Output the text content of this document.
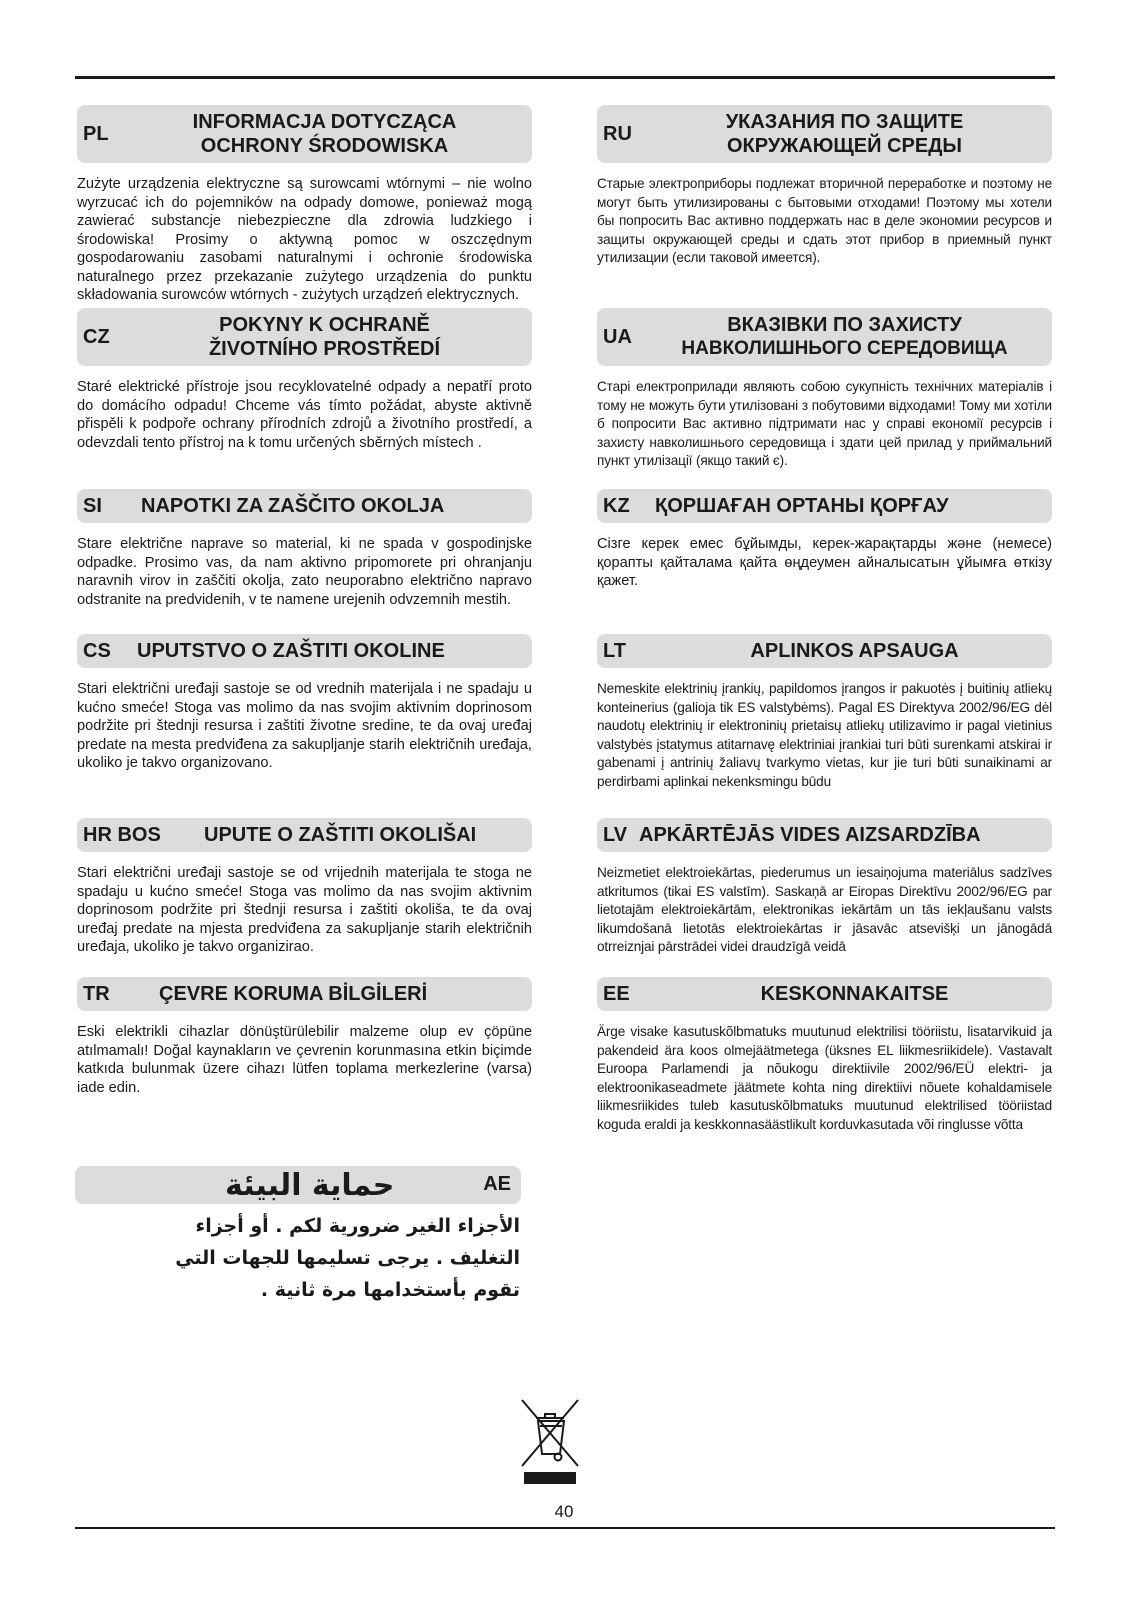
PL
INFORMACJA DOTYCZĄCA
OCHRONY ŚRODOWISKA
Zużyte urządzenia elektryczne są surowcami wtórnymi – nie wolno wyrzucać ich do pojemników na odpady domowe, ponieważ mogą zawierać substancje niebezpieczne dla zdrowia ludzkiego i środowiska! Prosimy o aktywną pomoc w oszczędnym gospodarowaniu zasobami naturalnymi i ochronie środowiska naturalnego przez przekazanie zużytego urządzenia do punktu składowania surowców wtórnych - zużytych urządzeń elektrycznych.
CZ
POKYNY K OCHRANĚ
ŽIVOTNÍHO PROSTŘEDÍ
Staré elektrické přístroje jsou recyklovatelné odpady a nepatří proto do domácího odpadu! Chceme vás tímto požádat, abyste aktivně přispěli k podpoře ochrany přírodních zdrojů a životního prostředí, a odevzdali tento přístroj na k tomu určených sběrných místech .
SI	NAPOTKI ZA ZAŠČITO OKOLJA
Stare električne naprave so material, ki ne spada v gospodinjske odpadke. Prosimo vas, da nam aktivno pripomorete pri ohranjanju naravnih virov in zaščiti okolja, zato neuporabno električno napravo odstranite na predvidenih, v te namene urejenih odvzemnih mestih.
CS	UPUTSTVO O ZAŠTITI OKOLINE
Stari električni uređaji sastoje se od vrednih materijala i ne spadaju u kućno smeće! Stoga vas molimo da nas svojim aktivnim doprinosom podržite pri štednji resursa i zaštiti životne sredine, te da ovaj uređaj predate na mesta predviđena za sakupljanje starih električnih uređaja, ukoliko je takvo organizovano.
HR BOS	UPUTE O ZAŠTITI OKOLIŠAI
Stari električni uređaji sastoje se od vrijednih materijala te stoga ne spadaju u kućno smeće! Stoga vas molimo da nas svojim aktivnim doprinosom podržite pri štednji resursa i zaštiti okoliša, te da ovaj uređaj predate na mjesta predviđena za sakupljanje starih električnih uređaja, ukoliko je takvo organizirao.
TR	ÇEVRE KORUMA BİLGİLERİ
Eski elektrikli cihazlar dönüştürülebilir malzeme olup ev çöpüne atılmamalı! Doğal kaynakların ve çevrenin korunmasına etkin biçimde katkıda bulunmak üzere cihazı lütfen toplama merkezlerine (varsa) iade edin.
RU
УКАЗАНИЯ ПО ЗАЩИТЕ
ОКРУЖАЮЩЕЙ СРЕДЫ
Старые электроприборы подлежат вторичной переработке и поэтому не могут быть утилизированы с бытовыми отходами! Поэтому мы хотели бы попросить Вас активно поддержать нас в деле экономии ресурсов и защиты окружающей среды и сдать этот прибор в приемный пункт утилизации (если таковой имеется).
UA
ВКАЗІВКИ ПО ЗАХИСТУ
НАВКОЛИШНЬОГО СЕРЕДОВИЩА
Старі електроприлади являють собою сукупність технічних матеріалів і тому не можуть бути утилізовані з побутовими відходами! Тому ми хотіли б попросити Вас активно підтримати нас у справі економії ресурсів і захисту навколишнього середовища і здати цей прилад у приймальний пункт утилізації (якщо такий є).
KZ	ҚОРШАҒАН ОРТАНЫ ҚОРҒАУ
Сізге керек емес бұйымды, керек-жарақтарды және (немесе) қорапты қайталама қайта өңдеумен айналысатын ұйымға өткізу қажет.
LT	APLINKOS APSAUGA
Nemeskite elektrinių įrankių, papildomos įrangos ir pakuotės į buitinių atliekų konteinerius (galioja tik ES valstybėms). Pagal ES Direktyva 2002/96/EG dėl naudotų elektrinių ir elektroninių prietaisų atliekų utilizavimo ir pagal vietinius valstybės įstatymus atitarnavę elektriniai įrankiai turi būti surenkami atskirai ir gabenami į antrinių žaliavų tvarkymo vietas, kur jie turi būti sunaikinami ar perdirbami aplinkai nekenksmingu būdu
LV APKĀRTĒJĀS VIDES AIZSARDZĪBA
Neizmetiet elektroiekārtas, piederumus un iesaiņojuma materiālus sadzīves atkritumos (tikai ES valstīm). Saskaņā ar Eiropas Direktīvu 2002/96/EG par lietotajām elektroiekārtām, elektronikas iekārtām un tās iekļaušanu valsts likumdošanā lietotās elektroiekārtas ir jāsavāc atsevišķi un jānogādā otrreiznjai pārstrādei videi draudzīgā veidā
EE	KESKONNAKAITSE
Ärge visake kasutuskõlbmatuks muutunud elektrilisi tööriistu, lisatarvikuid ja pakendeid ära koos olmejäätmetega (üksnes EL liikmesriikidele). Vastavalt Euroopa Parlamendi ja nõukogu direktiivile 2002/96/EÜ elektri- ja elektroonikaseadmete jäätmete kohta ning direktiivi nõuete kohaldamisele liikmesriikides tuleb kasutuskõlbmatuks muutunud elektrilised tööriistad koguda eraldi ja keskkonnasäästlikult korduvkasutada või ringlusse võtta
حماية البيئة	AE
الأجزاء الغير ضرورية لكم . أو أجزاء
التغليف . يرجى تسليمها للجهات التي
تقوم بأستخدامها مرة ثانية .
40
